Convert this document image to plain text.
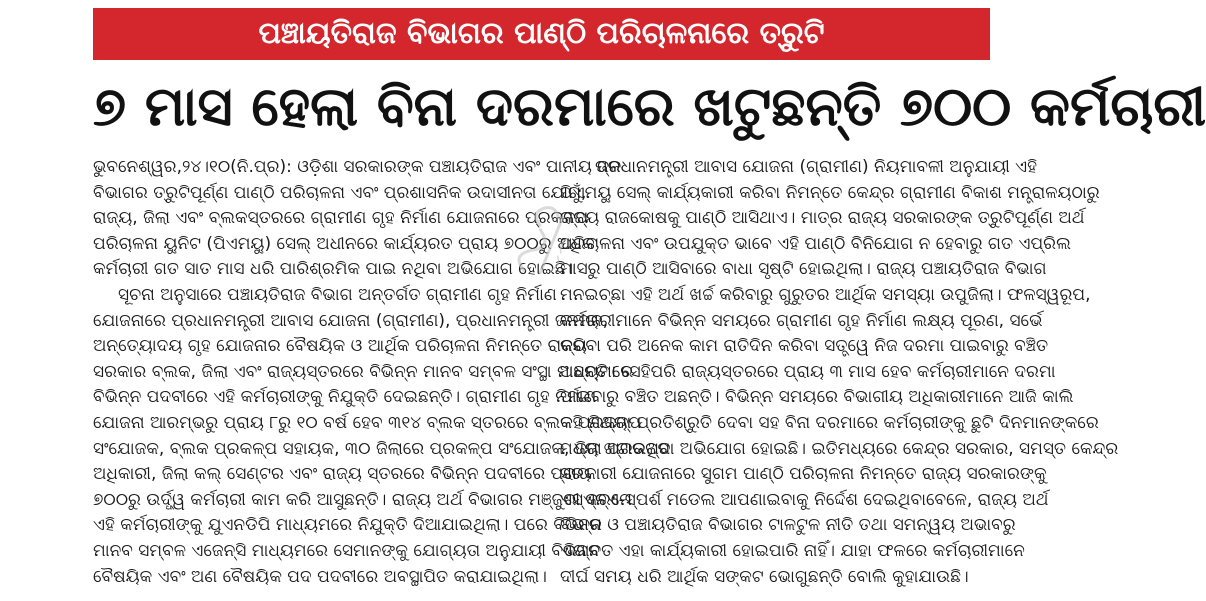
ପଞ୍ଚାୟତିରାଜ ବିଭାଗର ପାଣ୍ଠି ପରିଚାଳନାରେ ତ୍ରୁଟି
୭ ମାସ ହେଲା ବିନା ଦରମାରେ ଖଟୁଛନ୍ତି ୭୦୦ କର୍ମଚାରୀ
ଭୁବନେଶ୍ୱର,୨୪।୧୦(ନି.ପ୍ର): ଓଡ଼ିଶା ସରକାରଙ୍କ ପଞ୍ଚାୟତିରାଜ ଏବଂ ପାନୀୟ ଜଳ
ବିଭାଗର ତ୍ରୁଟିପୂର୍ଣ୍ଣ ପାଣ୍ଠି ପରିଚାଳନା ଏବଂ ପ୍ରଶାସନିକ ଉଦାସୀନତା ଯୋଗୁଁ,
ରାଜ୍ୟ, ଜିଲା ଏବଂ ବ୍ଲକସ୍ତରରେ ଗ୍ରାମୀଣ ଗୃହ ନିର୍ମାଣ ଯୋଜନାରେ ପ୍ରକଳ୍ପ
ପରିଚାଳନା ୟୁନିଟ (ପିଏମୟୁ) ସେଲ୍ ଅଧୀନରେ କାର୍ଯ୍ୟରତ ପ୍ରାୟ ୭୦୦ରୁ ଅଧିକ
କର୍ମଚାରୀ ଗତ ସାତ ମାସ ଧରି ପାରିଶ୍ରମିକ ପାଇ ନଥିବା ଅଭିଯୋଗ ହୋଇଛି।
ସୂଚନା ଅନୁସାରେ ପଞ୍ଚାୟତିରାଜ ବିଭାଗ ଅନ୍ତର୍ଗତ ଗ୍ରାମୀଣ ଗୃହ ନିର୍ମାଣ
ଯୋଜନାରେ ପ୍ରଧାନମନ୍ତ୍ରୀ ଆବାସ ଯୋଜନା (ଗ୍ରାମୀଣ), ପ୍ରଧାନମନ୍ତ୍ରୀ ଜନମନ,
ଅନ୍ତ୍ୟୋଦୟ ଗୃହ ଯୋଜନାର ବୈଷୟିକ ଓ ଆର୍ଥିକ ପରିଚାଳନା ନିମନ୍ତେ ରାଜ୍ୟ
ସରକାର ବ୍ଲକ, ଜିଲା ଏବଂ ରାଜ୍ୟସ୍ତରରେ ବିଭିନ୍ନ ମାନବ ସମ୍ବଳ ସଂସ୍ଥା ମାଧ୍ୟମରେ
ବିଭିନ୍ନ ପଦବୀରେ ଏହି କର୍ମଚାରୀଙ୍କୁ ନିଯୁକ୍ତି ଦେଇଛନ୍ତି। ଗ୍ରାମୀଣ ଗୃହ ନିର୍ମାଣ
ଯୋଜନା ଆରମ୍ଭରୁ ପ୍ରାୟ ୮ରୁ ୧୦ ବର୍ଷ ହେବ ୩୧୪ ବ୍ଲକ ସ୍ତରରେ ବ୍ଲକ ପ୍ରକଳ୍ପ
ସଂଯୋଜକ, ବ୍ଲକ ପ୍ରକଳ୍ପ ସହାୟକ, ୩୦ ଜିଲାରେ ପ୍ରକଳ୍ପ ସଂଯୋଜକ, ଜିଲା ପ୍ରକଳ୍ପ
ଅଧିକାରୀ, ଜିଲା କଲ୍ ସେଣ୍ଟର ଏବଂ ରାଜ୍ୟ ସ୍ତରରେ ବିଭିନ୍ନ ପଦବୀରେ ପ୍ରାୟ
୭୦୦ରୁ ଉର୍ଦ୍ଧ୍ୱ କର୍ମଚାରୀ କାମ କରି ଆସୁଛନ୍ତି। ରାଜ୍ୟ ଅର୍ଥ ବିଭାଗର ମଞ୍ଜୁରୀ କ୍ରମେ
ଏହି କର୍ମଚାରୀଙ୍କୁ ଯୁଏନଡିପି ମାଧ୍ୟମରେ ନିଯୁକ୍ତି ଦିଆଯାଇଥିଲା। ପରେ ବିଭିନ୍ନ
ମାନବ ସମ୍ବଳ ଏଜେନ୍ସି ମାଧ୍ୟମରେ ସେମାନଙ୍କୁ ଯୋଗ୍ୟତା ଅନୁଯାୟୀ ବିଭିନ୍ନ
ବୈଷୟିକ ଏବଂ ଅଣ ବୈଷୟିକ ପଦ ପଦବୀରେ ଅବସ୍ଥାପିତ କରାଯାଇଥିଲା।
ପ୍ରଧାନମନ୍ତ୍ରୀ ଆବାସ ଯୋଜନା (ଗ୍ରାମୀଣ) ନିୟମାବଳୀ ଅନୁଯାୟୀ ଏହି
ପିଏମୟୁ ସେଲ୍ କାର୍ଯ୍ୟକାରୀ କରିବା ନିମନ୍ତେ କେନ୍ଦ୍ର ଗ୍ରାମୀଣ ବିକାଶ ମନ୍ତ୍ରାଳୟଠାରୁ
ରାଜ୍ୟ ରାଜକୋଷକୁ ପାଣ୍ଠି ଆସିଥାଏ। ମାତ୍ର ରାଜ୍ୟ ସରକାରଙ୍କ ତ୍ରୁଟିପୂର୍ଣ୍ଣ ଅର୍ଥ
ପରିଚାଳନା ଏବଂ ଉପଯୁକ୍ତ ଭାବେ ଏହି ପାଣ୍ଠି ବିନିଯୋଗ ନ ହେବାରୁ ଗତ ଏପ୍ରିଲ
ମାସରୁ ପାଣ୍ଠି ଆସିବାରେ ବାଧା ସୃଷ୍ଟି ହୋଇଥିଲା। ରାଜ୍ୟ ପଞ୍ଚାୟତିରାଜ ବିଭାଗ
ମନଇଚ୍ଛା ଏହି ଅର୍ଥ ଖର୍ଚ୍ଚ କରିବାରୁ ଗୁରୁତର ଆର୍ଥିକ ସମସ୍ୟା ଉପୁଜିଲା। ଫଳସ୍ୱରୂପ,
କର୍ମଚାରୀମାନେ ବିଭିନ୍ନ ସମୟରେ ଗ୍ରାମୀଣ ଗୃହ ନିର୍ମାଣ ଲକ୍ଷ୍ୟ ପୂରଣ, ସର୍ଭେ
କରିବା ପରି ଅନେକ କାମ ରାତିଦିନ କରିବା ସତ୍ତ୍ୱେ ନିଜ ଦରମା ପାଇବାରୁ ବଞ୍ଚିତ
ଅଛନ୍ତି। ସେହିପରି ରାଜ୍ୟସ୍ତରରେ ପ୍ରାୟ ୩ ମାସ ହେବ କର୍ମଚାରୀମାନେ ଦରମା
ପାଇବାରୁ ବଞ୍ଚିତ ଅଛନ୍ତି। ବିଭିନ୍ନ ସମୟରେ ବିଭାଗୀୟ ଅଧିକାରୀମାନେ ଆଜି କାଲି
କହି ମିଥ୍ୟା ପ୍ରତିଶ୍ରୁତି ଦେବା ସହ ବିନା ଦରମାରେ କର୍ମଚାରୀଙ୍କୁ ଛୁଟି ଦିନମାନଙ୍କରେ
ମଧ୍ୟ ଖଟାଉଥିବା ଅଭିଯୋଗ ହୋଇଛି। ଇତିମଧ୍ୟରେ କେନ୍ଦ୍ର ସରକାର, ସମସ୍ତ କେନ୍ଦ୍ର
ସରକାରୀ ଯୋଜନାରେ ସୁଗମ ପାଣ୍ଠି ପରିଚାଳନା ନିମନ୍ତେ ରାଜ୍ୟ ସରକାରଙ୍କୁ
ଏସ୍‌ଏନ୍‌ଏ-ସ୍ପର୍ଶ ମଡେଲ ଆପଣାଇବାକୁ ନିର୍ଦ୍ଦେଶ ଦେଇଥିବାବେଳେ, ରାଜ୍ୟ ଅର୍ଥ
ବିଭାଗ ଓ ପଞ୍ଚାୟତିରାଜ ବିଭାଗର ଟାଳଟୁଳ ନୀତି ତଥା ସମନ୍ୱୟ ଅଭାବରୁ
ଏଯାବତ ଏହା କାର୍ଯ୍ୟକାରୀ ହୋଇପାରି ନାହିଁ। ଯାହା ଫଳରେ କର୍ମଚାରୀମାନେ
ଦୀର୍ଘ ସମୟ ଧରି ଆର୍ଥିକ ସଙ୍କଟ ଭୋଗୁଛନ୍ତି ବୋଲି କୁହାଯାଉଛି।
